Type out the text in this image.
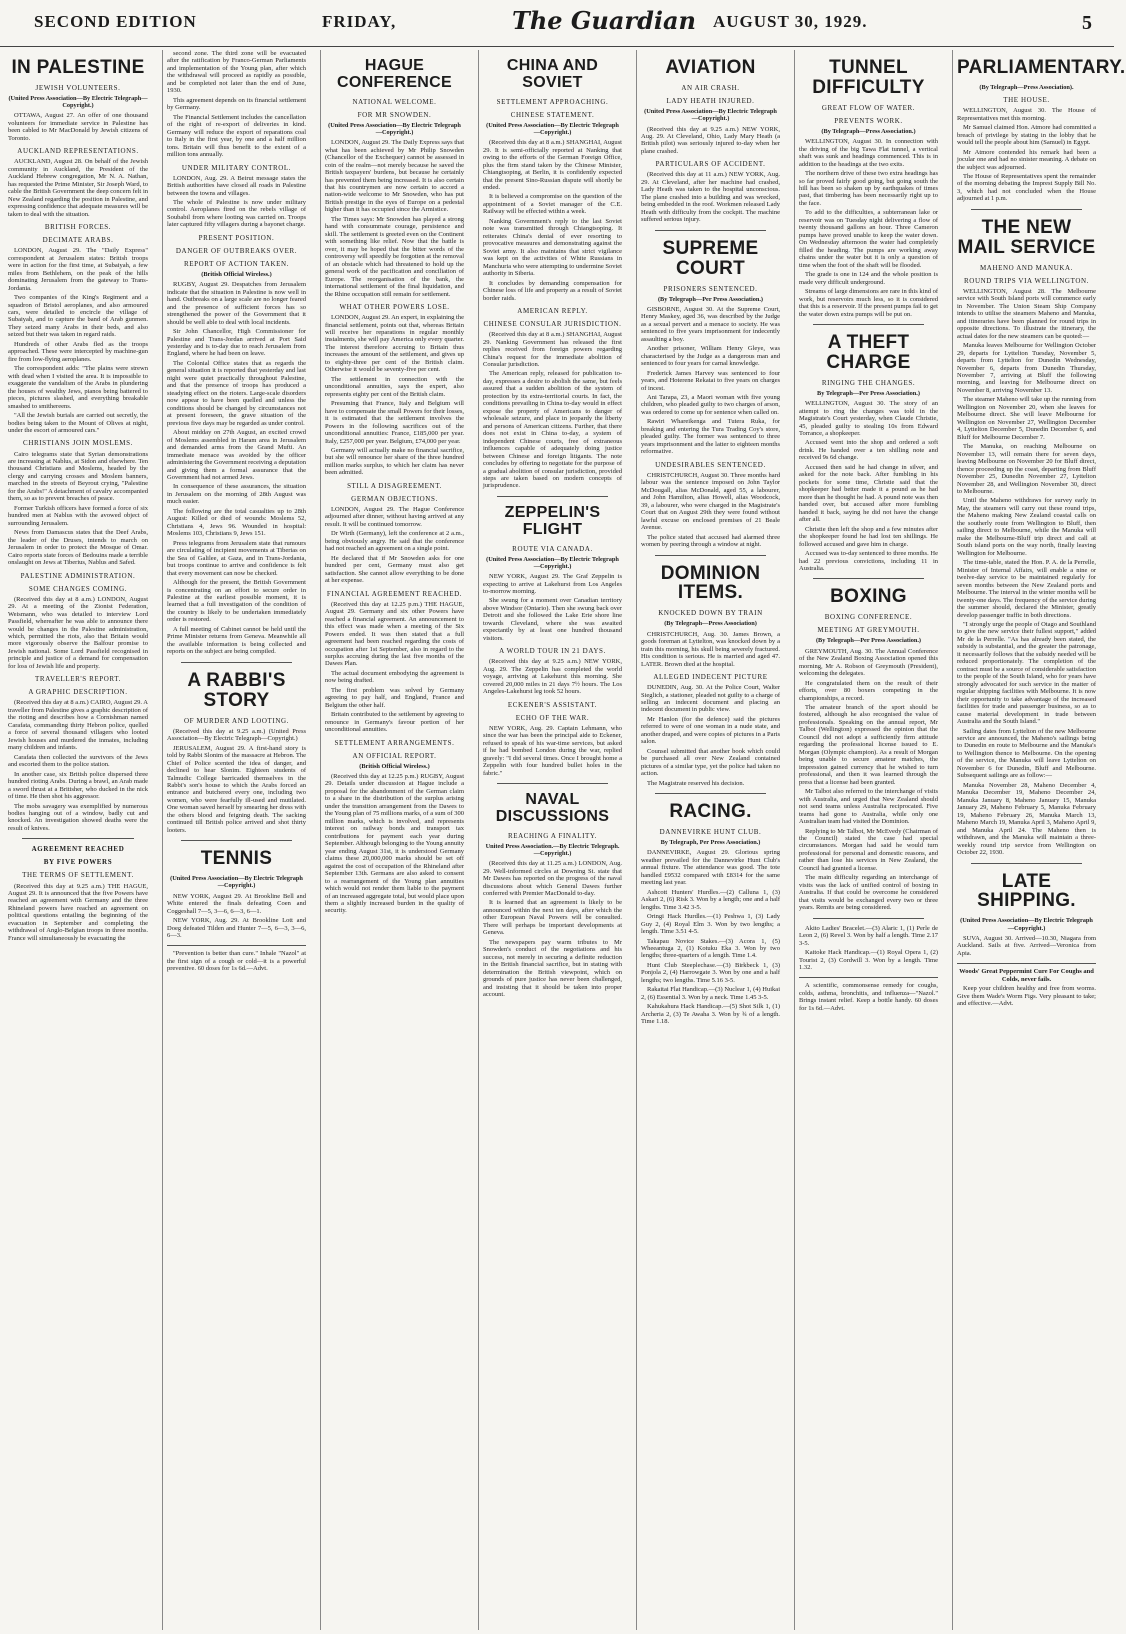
SECOND EDITION	FRIDAY,	The Guardian AUGUST 30, 1929.	5
IN PALESTINE
JEWISH VOLUNTEERS.
(United Press Association—By Electric Telegraph—Copyright.)

OTTAWA, August 27. An offer of one thousand volunteers for immediate service in Palestine has been cabled to Mr MacDonald by Jewish citizens of Toronto.

AUCKLAND REPRESENTATIONS.

AUCKLAND, August 28. On behalf of the Jewish community in Auckland, the President of the Auckland Hebrew congregation, Mr N. A. Nathan, has requested the Prime Minister, Sir Joseph Ward, to cable the British Government the deep concern felt in New Zealand regarding the position in Palestine, and expressing confidence that adequate measures will be taken to deal with the situation.

BRITISH FORCES.
DECIMATE ARABS.

LONDON, August 29. The "Daily Express" correspondent at Jerusalem states: British troops were in action for the first time, at Subaiyah, a few miles from Bethlehem, on the peak of the hills dominating Jerusalem from the gateway to Trans-Jordania.

Two companies of the King's Regiment and a squadron of Bristol aeroplanes, and also armoured cars, were detailed to encircle the village of Subaiyah, and to capture the band of Arab gunmen. They seized many Arabs in their beds, and also seized but their was taken in regard raids.

Hundreds of other Arabs fled as the troops approached. These were intercepted by machine-gun fire from low-flying aeroplanes.

The correspondent adds: "The plains were strewn with dead when I visited the area. It is impossible to exaggerate the vandalism of the Arabs in plundering the houses of wealthy Jews, pianos being battered to pieces, pictures slashed, and everything breakable smashed to smithereens.

"All the Jewish burials are carried out secretly, the bodies being taken to the Mount of Olives at night, under the escort of armoured cars."

CHRISTIANS JOIN MOSLEMS.

Cairo telegrams state that Syrian demonstrations are increasing at Nablus, at Sidon and elsewhere. Ten thousand Christians and Moslems, headed by the clergy and carrying crosses and Moslem banners, marched in the streets of Beyrout crying, "Palestine for the Arabs!" A detachment of cavalry accompanied them, so as to prevent breaches of peace.

Former Turkish officers have formed a force of six hundred men at Nablus with the avowed object of surrounding Jerusalem.

News from Damascus states that the Deef Arabs, the leader of the Druses, intends to march on Jerusalem in order to protect the Mosque of Omar. Cairo reports state forces of Bedouins made a terrible onslaught on Jews at Tiberius, Nablus and Safed.

PALESTINE ADMINISTRATION.
SOME CHANGES COMING.

(Received this day at 8 a.m.) LONDON, August 29. At a meeting of the Zionist Federation, Weismann, who was detailed to interview Lord Passfield, whereafter he was able to announce there would be changes in the Palestine administration, which, permitted the riots, also that Britain would more vigorously observe the Balfour promise to Jewish national. Some Lord Passfield recognised in principle and justice of a demand for compensation for loss of Jewish life and property.

TRAVELLER'S REPORT.
A GRAPHIC DESCRIPTION.

(Received this day at 8 a.m.) CAIRO, August 29. A traveller from Palestine gives a graphic description of the rioting and describes how a Cornishman named Carafata, commanding thirty Hebron police, quelled a force of several thousand villagers who looted Jewish houses and murdered the inmates, including many children and infants.

Carafata then collected the survivors of the Jews and escorted them to the police station.

In another case, six British police dispersed three hundred rioting Arabs. During a brawl, an Arab made a sword thrust at a Britisher, who ducked in the nick of time. He then shot his aggressor.

The mobs savagery was exemplified by numerous bodies hanging out of a window, badly cut and knocked. An investigation showed deaths were the result of knives.

AGREEMENT REACHED
BY FIVE POWERS
THE TERMS OF SETTLEMENT.

(Received this day at 9.25 a.m.) THE HAGUE, August 29. It is announced that the five Powers have reached an agreement with Germany and the three Rhineland powers have reached an agreement on political questions entailing the beginning of the evacuation in September and completing the withdrawal of Anglo-Belgian troops in three months. France will simultaneously be evacuating the

second zone. The third zone will be evacuated after the ratification by Franco-German Parliaments and implementation of the Young plan, after which the withdrawal will proceed as rapidly as possible, and be completed not later than the end of June, 1930.

This agreement depends on its financial settlement by Germany.

The Financial Settlement includes the cancellation of the right of re-export of deliveries in kind. Germany will reduce the export of reparations coal to Italy in the first year, by one and a half million tons. Britain will thus benefit to the extent of a million tons annually.

UNDER MILITARY CONTROL.

LONDON, Aug. 29. A Beirut message states the British authorities have closed all roads in Palestine between the towns and villages.

The whole of Palestine is now under military control. Aeroplanes fired on the rebels village of Soubabil from where looting was carried on. Troops later captured fifty villagers during a bayonet charge.

PRESENT POSITION.
DANGER OF OUTBREAKS OVER.
REPORT OF ACTION TAKEN.
(British Official Wireless.)

RUGBY, August 29. Despatches from Jerusalem indicate that the situation in Palestine is now well in hand. Outbreaks on a large scale are no longer feared and the presence of sufficient forces has so strengthened the power of the Government that it should be well able to deal with local incidents.

Sir John Chancellor, High Commissioner for Palestine and Trans-Jordan arrived at Port Said yesterday and is to-day due to reach Jerusalem from England, where he had been on leave.

The Colonial Office states that as regards the general situation it is reported that yesterday and last night were quiet practically throughout Palestine, and that the presence of troops has produced a steadying effect on the rioters. Large-scale disorders now appear to have been quelled and unless the conditions should be changed by circumstances not at present foreseen, the grave situation of the previous five days may be regarded as under control.

About midday on 27th August, an excited crowd of Moslems assembled in Haram area in Jerusalem and demanded arms from the Grand Mufti. An immediate menace was avoided by the officer administering the Government receiving a deputation and giving them a formal assurance that the Government had not armed Jews.

In consequence of these assurances, the situation in Jerusalem on the morning of 28th August was much easier.

The following are the total casualties up to 28th August: Killed or died of wounds: Moslems 52, Christians 4, Jews 96. Wounded in hospital: Moslems 103, Christians 9, Jews 151.

Press telegrams from Jerusalem state that rumours are circulating of incipient movements at Tiberias on the Sea of Galilee, at Gaza, and in Trans-Jordania, but troops continue to arrive and confidence is felt that every movement can now be checked.

Although for the present, the British Government is concentrating on an effort to secure order in Palestine at the earliest possible moment, it is learned that a full investigation of the condition of the country is likely to be undertaken immediately order is restored.

A full meeting of Cabinet cannot be held until the Prime Minister returns from Geneva. Meanwhile all the available information is being collected and reports on the subject are being compiled.

A RABBI'S STORY
OF MURDER AND LOOTING.

(Received this day at 9.25 a.m.) (United Press Association—By Electric Telegraph—Copyright.)

JERUSALEM, August 29. A first-hand story is told by Rabbi Slonim of the massacre at Hebron. The Chief of Police scented the idea of danger, and declined to hear Slonim. Eighteen students of Talmudic College barricaded themselves in the Rabbi's son's house to which the Arabs forced an entrance and butchered every one, including two women, who were fearfully ill-used and mutilated. One woman saved herself by smearing her dress with the others blood and feigning death. The sacking continued till British police arrived and shot thirty looters.

TENNIS
(United Press Association—By Electric Telegraph—Copyright.)

NEW YORK, August 29. At Brookline Bell and White entered the finals defeating Coen and Coggeshall 7—5, 3—6, 6—3, 6—1.

NEW YORK, Aug. 29. At Brookline Lott and Doeg defeated Tilden and Hunter 7—5, 6—3, 3—6, 6—3.

"Prevention is better than cure." Inhale "Nazol" at the first sign of a cough or cold—it is a powerful preventive. 60 doses for 1s 6d.—Advt.

HAGUE CONFERENCE
NATIONAL WELCOME.
FOR MR SNOWDEN.
(United Press Association—By Electric Telegraph—Copyright.)

LONDON, August 29. The Daily Express says that what has been achieved by Mr Philip Snowden (Chancellor of the Exchequer) cannot be assessed in coin of the realm—not merely because he saved the British taxpayers' burdens, but because he certainly has prevented them being increased. It is also certain that his countrymen are now certain to accord a nation-wide welcome to Mr Snowden, who has put British prestige in the eyes of Europe on a pedestal higher than it has occupied since the Armistice.

The Times says: Mr Snowden has played a strong hand with consummate courage, persistence and skill. The settlement is greeted even on the Continent with something like relief. Now that the battle is over, it may be hoped that the bitter words of the controversy will speedily be forgotten at the removal of an obstacle which had threatened to hold up the general work of the pacification and conciliation of Europe. The reorganisation of the bank, the international settlement of the final liquidation, and the Rhine occupation still remain for settlement.

WHAT OTHER POWERS LOSE.

LONDON, August 29. An expert, in explaining the financial settlement, points out that, whereas Britain will receive her reparations in regular monthly instalments, she will pay America only every quarter. The interest therefore accruing to Britain thus increases the amount of the settlement, and gives up to eighty-three per cent of the British claim. Otherwise it would be seventy-five per cent.

The settlement in connection with the unconditional annuities, says the expert, also represents eighty per cent of the British claim.

Presuming that France, Italy and Belgium will have to compensate the small Powers for their losses, it is estimated that the settlement involves the Powers in the following sacrifices out of the unconditional annuities: France, £185,000 per year. Italy, £257,000 per year. Belgium, £74,000 per year.

Germany will actually make no financial sacrifice, but she will renounce her share of the three hundred million marks surplus, to which her claim has never been admitted.

STILL A DISAGREEMENT.
GERMAN OBJECTIONS.

LONDON, August 29. The Hague Conference adjourned after dinner, without having arrived at any result. It will be continued tomorrow.

Dr Wirth (Germany), left the conference at 2 a.m., being obviously angry. He said that the conference had not reached an agreement on a single point.

He declared that if Mr Snowden asks for one hundred per cent, Germany must also get satisfaction. She cannot allow everything to be done at her expense.

FINANCIAL AGREEMENT REACHED.

(Received this day at 12.25 p.m.) THE HAGUE, August 29. Germany and six other Powers have reached a financial agreement. An announcement to this effect was made when a meeting of the Six Powers ended. It was then stated that a full agreement had been reached regarding the costs of occupation after 1st September, also in regard to the surplus accruing during the last five months of the Dawes Plan.

The actual document embodying the agreement is now being drafted.

The first problem was solved by Germany agreeing to pay half, and England, France and Belgium the other half.

Britain contributed to the settlement by agreeing to renounce in Germany's favour portion of her unconditional annuities.

SETTLEMENT ARRANGEMENTS.
AN OFFICIAL REPORT.
(British Official Wireless.)

(Received this day at 12.25 p.m.) RUGBY, August 29. Details under discussion at Hague include a proposal for the abandonment of the German claim to a share in the distribution of the surplus arising under the transition arrangement from the Dawes to the Young plan of 75 millions marks, of a sum of 300 million marks, which is involved, and represents interest on railway bonds and transport tax contributions for payment each year during September. Although belonging to the Young annuity year ending August 31st, it is understood Germany claims these 20,000,000 marks should be set off against the cost of occupation of the Rhineland after September 13th. Germans are also asked to consent to a rearrangement of the Young plan annuities which would not render them liable to the payment of an increased aggregate total, but would place upon them a slightly increased burden in the quality of security.

CHINA AND SOVIET
SETTLEMENT APPROACHING.
CHINESE STATEMENT.
(United Press Association—By Electric Telegraph—Copyright.)

(Received this day at 8 a.m.) SHANGHAI, August 29. It is semi-officially reported at Nanking that owing to the efforts of the German Foreign Office, plus the firm stand taken by the Chinese Minister, Chiangtsoping, at Berlin, it is confidently expected that the present Sino-Russian dispute will shortly be ended.

It is believed a compromise on the question of the appointment of a Soviet manager of the C.E. Railway will be effected within a week.

Nanking Government's reply to the last Soviet note was transmitted through Chiangtsoping. It reiterates China's denial of ever resorting to provocative measures and demonstrating against the Soviet army. It also maintains that strict vigilance was kept on the activities of White Russians in Manchuria who were attempting to undermine Soviet authority in Siberia.

It concludes by demanding compensation for Chinese loss of life and property as a result of Soviet border raids.

AMERICAN REPLY.
CHINESE CONSULAR JURISDICTION.

(Received this day at 8 a.m.) SHANGHAI, August 29. Nanking Government has released the first replies received from foreign powers regarding China's request for the immediate abolition of Consular jurisdiction.

The American reply, released for publication to-day, expresses a desire to abolish the same, but feels assured that a sudden abolition of the system of protection by its extra-territorial courts. In fact, the conditions prevailing in China to-day would in effect expose the property of Americans to danger of wholesale seizure, and place in jeopardy the liberty and persons of American citizens. Further, that there does not exist in China to-day, a system of independent Chinese courts, free of extraneous influences capable of adequately doing justice between Chinese and foreign litigants. The note concludes by offering to negotiate for the purpose of a gradual abolition of consular jurisdiction, provided steps are taken based on modern concepts of jurisprudence.

ZEPPELIN'S FLIGHT
ROUTE VIA CANADA.
(United Press Association—By Electric Telegraph—Copyright.)

NEW YORK, August 29. The Graf Zeppelin is expecting to arrive at Lakehurst from Los Angeles to-morrow morning.

She swung for a moment over Canadian territory above Windsor (Ontario). Then she swung back over Detroit and she followed the Lake Erie shore line towards Cleveland, where she was awaited expectantly by at least one hundred thousand visitors.

A WORLD TOUR IN 21 DAYS.

(Received this day at 9.25 a.m.) NEW YORK, Aug. 29. The Zeppelin has completed the world voyage, arriving at Lakehurst this morning. She covered 20,000 miles in 21 days 7½ hours. The Los Angeles-Lakehurst leg took 52 hours.

ECKENER'S ASSISTANT.
ECHO OF THE WAR.

NEW YORK, Aug. 29. Captain Lehmann, who since the war has been the principal aide to Eckener, refused to speak of his war-time services, but asked if he had bombed London during the war, replied gravely: "I did several times. Once I brought home a Zeppelin with four hundred bullet holes in the fabric."

NAVAL DISCUSSIONS
REACHING A FINALITY.
United Press Association.—By Electric Telegraph.—Copyright.)

(Received this day at 11.25 a.m.) LONDON, Aug. 29. Well-informed circles at Downing St. state that Mr Dawes has reported on the progress of the naval discussions about which General Dawes further conferred with Premier MacDonald to-day.

It is learned that an agreement is likely to be announced within the next ten days, after which the other European Naval Powers will be consulted. There will perhaps be important developments at Geneva.

The newspapers pay warm tributes to Mr Snowden's conduct of the negotiations and his success, not merely in securing a definite reduction in the British financial sacrifice, but in stating with determination the British viewpoint, which on grounds of pure justice has never been challenged, and insisting that it should be taken into proper account.

AVIATION
AN AIR CRASH.
LADY HEATH INJURED.
(United Press Association—By Electric Telegraph—Copyright.)

(Received this day at 9.25 a.m.) NEW YORK, Aug. 29. At Cleveland, Ohio, Lady Mary Heath (a British pilot) was seriously injured to-day when her plane crashed.

PARTICULARS OF ACCIDENT.

(Received this day at 11 a.m.) NEW YORK, Aug. 29. At Cleveland, after her machine had crashed, Lady Heath was taken to the hospital unconscious. The plane crashed into a building and was wrecked, being embedded in the roof. Workmen released Lady Heath with difficulty from the cockpit. The machine suffered serious injury.

SUPREME COURT
PRISONERS SENTENCED.
(By Telegraph—Per Press Association.)

GISBORNE, August 30. At the Supreme Court, Henry Maskey, aged 36, was described by the Judge as a sexual pervert and a menace to society. He was sentenced to five years imprisonment for indecently assaulting a boy.

Another prisoner, William Henry Gleye, was characterised by the Judge as a dangerous man and sentenced to four years for carnal knowledge.

Frederick James Harvey was sentenced to four years, and Hoterene Rekatai to five years on charges of incest.

Ani Tarapa, 23, a Maori woman with five young children, who pleaded guilty to two charges of arson, was ordered to come up for sentence when called on.

Rawiri Whareikenga and Tutera Ruka, for breaking and entering the Tura Trading Coy's store, pleaded guilty. The former was sentenced to three years imprisonment and the latter to eighteen months reformative.

UNDESIRABLES SENTENCED.

CHRISTCHURCH, August 30. Three months hard labour was the sentence imposed on John Taylor McDougall, alias McDonald, aged 55, a labourer, and John Hamilton, alias Howell, alias Woodcock, 39, a labourer, who were charged in the Magistrate's Court that on August 29th they were found without lawful excuse on enclosed premises of 21 Beale Avenue.

The police stated that accused had alarmed three women by peering through a window at night.

DOMINION ITEMS.
KNOCKED DOWN BY TRAIN
(By Telegraph—Press Association)

CHRISTCHURCH, Aug. 30. James Brown, a goods foreman at Lyttelton, was knocked down by a train this morning, his skull being severely fractured. His condition is serious. He is married and aged 47. LATER. Brown died at the hospital.

ALLEGED INDECENT PICTURE

DUNEDIN, Aug. 30. At the Police Court, Walter Sieglich, a stationer, pleaded not guilty to a charge of selling an indecent document and placing an indecent document in public view.

Mr Hanlon (for the defence) said the pictures referred to were of one woman in a nude state, and another draped, and were copies of pictures in a Paris salon.

Counsel submitted that another book which could be purchased all over New Zealand contained pictures of a similar type, yet the police had taken no action.

The Magistrate reserved his decision.

RACING.
DANNEVIRKE HUNT CLUB.
By Telegraph, Per Press Association.)

DANNEVIRKE, August 29. Glorious spring weather prevailed for the Dannevirke Hunt Club's annual fixture. The attendance was good. The tote handled £9532 compared with £8314 for the same meeting last year.

Ashcott Hunters' Hurdles.—(2) Calluna 1, (3) Askari 2, (6) Risk 3. Won by a length; one and a half lengths. Time 3.42 3-5.

Oringi Hack Hurdles.—(1) Peshwa 1, (3) Lady Guy 2, (4) Royal Elm 3. Won by two lengths; a length. Time 3.51 4-5.

Takapau Novice Stakes.—(3) Acora 1, (5) Wheeantuga 2, (1) Kotuku Eka 3. Won by two lengths; three-quarters of a length. Time 1.4.

Hunt Club Steeplechase.—(3) Birkbeck 1, (3) Ponjola 2, (4) Harrowgate 3. Won by one and a half lengths; two lengths. Time 5.16 3-5.

Rakaitai Flat Handicap.—(3) Nuclear 1, (4) Huikai 2, (6) Essential 3. Won by a neck. Time 1.45 3-5.

Kahukahura Hack Handicap.—(5) Shot Silk 1, (1) Archeria 2, (3) Te Awaha 3. Won by ¾ of a length. Time 1.18.

TUNNEL DIFFICULTY
GREAT FLOW OF WATER.
PREVENTS WORK.
(By Telegraph—Press Association.)

WELLINGTON, August 30. In connection with the driving of the big Tawa Flat tunnel, a vertical shaft was sunk and headings commenced. This is in addition to the headings at the two exits.

The northern drive of these two extra headings has so far proved fairly good going, but going south the hill has been so shaken up by earthquakes of times past, that timbering has been necessarily right up to the face.

To add to the difficulties, a subterranean lake or reservoir was on Tuesday night delivering a flow of twenty thousand gallons an hour. Three Cameron pumps have proved unable to keep the water down. On Wednesday afternoon the water had completely filled the heading. The pumps are working away chains under the water but it is only a question of time when the foot of the shaft will be flooded.

The grade is one in 124 and the whole position is made very difficult underground.

Streams of large dimensions are rare in this kind of work, but reservoirs much less, so it is considered that this is a reservoir. If the present pumps fail to get the water down extra pumps will be put on.

A THEFT CHARGE
RINGING THE CHANGES.
By Telegraph—Per Press Association.)

WELLINGTON, August 30. The story of an attempt to ring the changes was told in the Magistrate's Court yesterday, when Claude Christie, 45, pleaded guilty to stealing 10s from Edward Torrance, a shopkeeper.

Accused went into the shop and ordered a soft drink. He handed over a ten shilling note and received 9s 6d change.

Accused then said he had change in silver, and asked for the note back. After fumbling in his pockets for some time, Christie said that the shopkeeper had better made it a pound as he had more than he thought he had. A pound note was then handed over, but accused after more fumbling handed it back, saying he did not have the change after all.

Christie then left the shop and a few minutes after the shopkeeper found he had lost ten shillings. He followed accused and gave him in charge.

Accused was to-day sentenced to three months. He had 22 previous convictions, including 11 in Australia.

BOXING
BOXING CONFERENCE.
MEETING AT GREYMOUTH.
(By Telegraph—Per Press Association.)

GREYMOUTH, Aug. 30. The Annual Conference of the New Zealand Boxing Association opened this morning, Mr A. Robson of Greymouth (President), welcoming the delegates.

He congratulated them on the result of their efforts, over 80 boxers competing in the championships, a record.

The amateur branch of the sport should be fostered, although he also recognised the value of professionals. Speaking on the annual report, Mr Talbot (Wellington) expressed the opinion that the Council did not adopt a sufficiently firm attitude regarding the professional license issued to E. Morgan (Olympic champion). As a result of Morgan being unable to secure amateur matches, the impression gained currency that he wished to turn professional, and then it was learned through the press that a license had been granted.

Mr Talbot also referred to the interchange of visits with Australia, and urged that New Zealand should not send teams unless Australia reciprocated. Five teams had gone to Australia, while only one Australian team had visited the Dominion.

Replying to Mr Talbot, Mr McEvedy (Chairman of the Council) stated the case had special circumstances. Morgan had said he would turn professional for personal and domestic reasons, and rather than lose his services in New Zealand, the Council had granted a license.

The main difficulty regarding an interchange of visits was the lack of unified control of boxing in Australia. If that could be overcome he considered that visits would be exchanged every two or three years. Remits are being considered.

Akito Ladies' Bracelet.—(3) Alaric 1, (1) Perle de Leon 2, (6) Revel 3. Won by half a length. Time 2.17 3-5.

Kaitoke Hack Handicap.—(1) Royal Opera 1, (2) Tourist 2, (3) Cordwill 3. Won by a length. Time 1.32.

A scientific, commonsense remedy for coughs, colds, asthma, bronchitis, and influenza—"Nazol." Brings instant relief. Keep a bottle handy. 60 doses for 1s 6d.—Advt.

PARLIAMENTARY.
(By Telegraph—Press Association).
THE HOUSE.

WELLINGTON, August 30. The House of Representatives met this morning.

Mr Samuel claimed Hon. Atmore had committed a breach of privilege by stating in the lobby that he would tell the people about him (Samuel) in Egypt.

Mr Atmore contended his remark had been a jocular one and had no sinister meaning. A debate on the subject was adjourned.

The House of Representatives spent the remainder of the morning debating the Imprest Supply Bill No. 3, which had not concluded when the House adjourned at 1 p.m.

THE NEW MAIL SERVICE
MAHENO AND MANUKA.
ROUND TRIPS VIA WELLINGTON.

WELLINGTON, August 28. The Melbourne service with South Island ports will commence early in November. The Union Steam Ship Company intends to utilise the steamers Maheno and Manuka, and itineraries have been planned for round trips in opposite directions. To illustrate the itinerary, the actual dates for the new steamers can be quoted:—

Manuka leaves Melbourne for Wellington October 29, departs for Lyttelton Tuesday, November 5, departs from Lyttelton for Dunedin Wednesday, November 6, departs from Dunedin Thursday, November 7, arriving at Bluff the following morning, and leaving for Melbourne direct on November 8, arriving November 13.

The steamer Maheno will take up the running from Wellington on November 20, when she leaves for Melbourne direct. She will leave Melbourne for Wellington on November 27, Wellington December 4, Lyttelton December 5, Dunedin December 6, and Bluff for Melbourne December 7.

The Manuka, on reaching Melbourne on November 13, will remain there for seven days, leaving Melbourne on November 20 for Bluff direct, thence proceeding up the coast, departing from Bluff November 25, Dunedin November 27, Lyttelton November 28, and Wellington November 30, direct to Melbourne.

Until the Maheno withdraws for survey early in May, the steamers will carry out these round trips, the Maheno making New Zealand coastal calls on the southerly route from Wellington to Bluff, then sailing direct to Melbourne, while the Manuka will make the Melbourne-Bluff trip direct and call at South island ports on the way north, finally leaving Wellington for Melbourne.

The time-table, stated the Hon. P. A. de la Perrelle, Minister of Internal Affairs, will enable a nine or twelve-day service to be maintained regularly for seven months between the New Zealand ports and Melbourne. The interval in the winter months will be twenty-one days. The frequency of the service during the summer should, declared the Minister, greatly develop passenger traffic in both directions.

"I strongly urge the people of Otago and Southland to give the new service their fullest support," added Mr de la Perrelle. "As has already been stated, the subsidy is substantial, and the greater the patronage, it necessarily follows that the subsidy needed will be reduced proportionately. The completion of the contract must be a source of considerable satisfaction to the people of the South Island, who for years have strongly advocated for such service in the matter of regular shipping facilities with Melbourne. It is now their opportunity to take advantage of the increased facilities for trade and passenger business, so as to cause material development in trade between Australia and the South Island."

Sailing dates from Lyttelton of the new Melbourne service are announced, the Maheno's sailings being to Dunedin en route to Melbourne and the Manuka's to Wellington thence to Melbourne. On the opening of the service, the Manuka will leave Lyttelton on November 6 for Dunedin, Bluff and Melbourne. Subsequent sailings are as follow:—

Manuka November 28, Maheno December 4, Manuka December 19, Maheno December 24, Manuka January 8, Maheno January 15, Manuka January 29, Maheno February 5, Manuka February 19, Maheno February 26, Manuka March 13, Maheno March 19, Manuka April 3, Maheno April 9, and Manuka April 24. The Maheno then is withdrawn, and the Manuka will maintain a three-weekly round trip service from Wellington on October 22, 1930.

LATE SHIPPING.
(United Press Association—By Electric Telegraph—Copyright.)

SUVA, August 30. Arrived—10.30, Niagara from Auckland. Sails at five. Arrived—Veronica from Apia.

Woods' Great Peppermint Cure For Coughs and Colds, never fails.

Keep your children healthy and free from worms. Give them Wade's Worm Figs. Very pleasant to take; and effective.—Advt.
